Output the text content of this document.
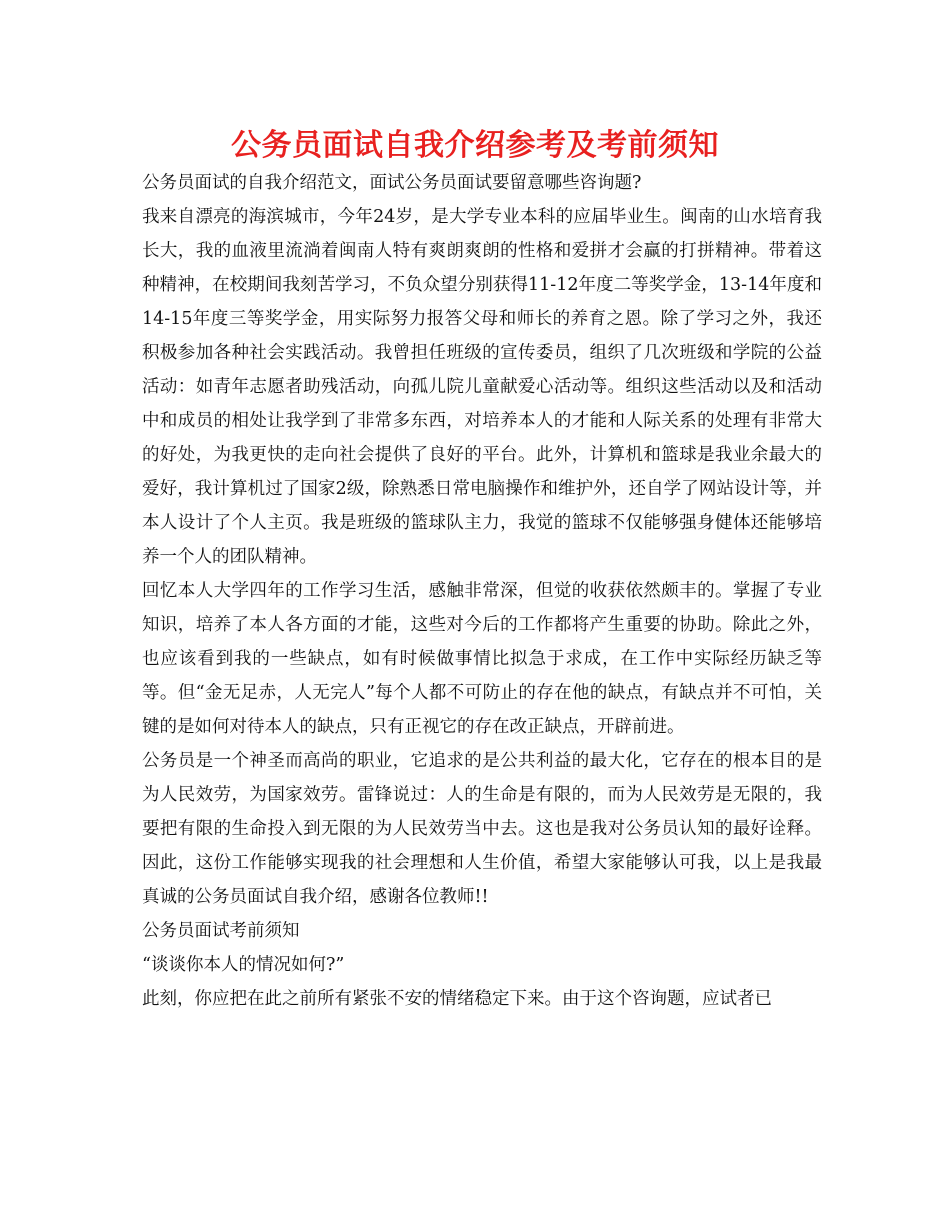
公务员面试自我介绍参考及考前须知

公务员面试的自我介绍范文，面试公务员面试要留意哪些咨询题?

我来自漂亮的海滨城市，今年24岁，是大学专业本科的应届毕业生。闽南的山水培育我长大，我的血液里流淌着闽南人特有爽朗爽朗的性格和爱拼才会赢的打拼精神。带着这种精神，在校期间我刻苦学习，不负众望分别获得11-12年度二等奖学金，13-14年度和14-15年度三等奖学金，用实际努力报答父母和师长的养育之恩。除了学习之外，我还积极参加各种社会实践活动。我曾担任班级的宣传委员，组织了几次班级和学院的公益活动：如青年志愿者助残活动，向孤儿院儿童献爱心活动等。组织这些活动以及和活动中和成员的相处让我学到了非常多东西，对培养本人的才能和人际关系的处理有非常大的好处，为我更快的走向社会提供了良好的平台。此外，计算机和篮球是我业余最大的爱好，我计算机过了国家2级，除熟悉日常电脑操作和维护外，还自学了网站设计等，并本人设计了个人主页。我是班级的篮球队主力，我觉的篮球不仅能够强身健体还能够培养一个人的团队精神。

回忆本人大学四年的工作学习生活，感触非常深，但觉的收获依然颇丰的。掌握了专业知识，培养了本人各方面的才能，这些对今后的工作都将产生重要的协助。除此之外，也应该看到我的一些缺点，如有时候做事情比拟急于求成，在工作中实际经历缺乏等等。但“金无足赤，人无完人”每个人都不可防止的存在他的缺点，有缺点并不可怕，关键的是如何对待本人的缺点，只有正视它的存在改正缺点，开辟前进。

公务员是一个神圣而高尚的职业，它追求的是公共利益的最大化，它存在的根本目的是为人民效劳，为国家效劳。雷锋说过：人的生命是有限的，而为人民效劳是无限的，我要把有限的生命投入到无限的为人民效劳当中去。这也是我对公务员认知的最好诠释。因此，这份工作能够实现我的社会理想和人生价值，希望大家能够认可我，以上是我最真诚的公务员面试自我介绍，感谢各位教师!!

公务员面试考前须知

“谈谈你本人的情况如何?”

此刻，你应把在此之前所有紧张不安的情绪稳定下来。由于这个咨询题，应试者已
